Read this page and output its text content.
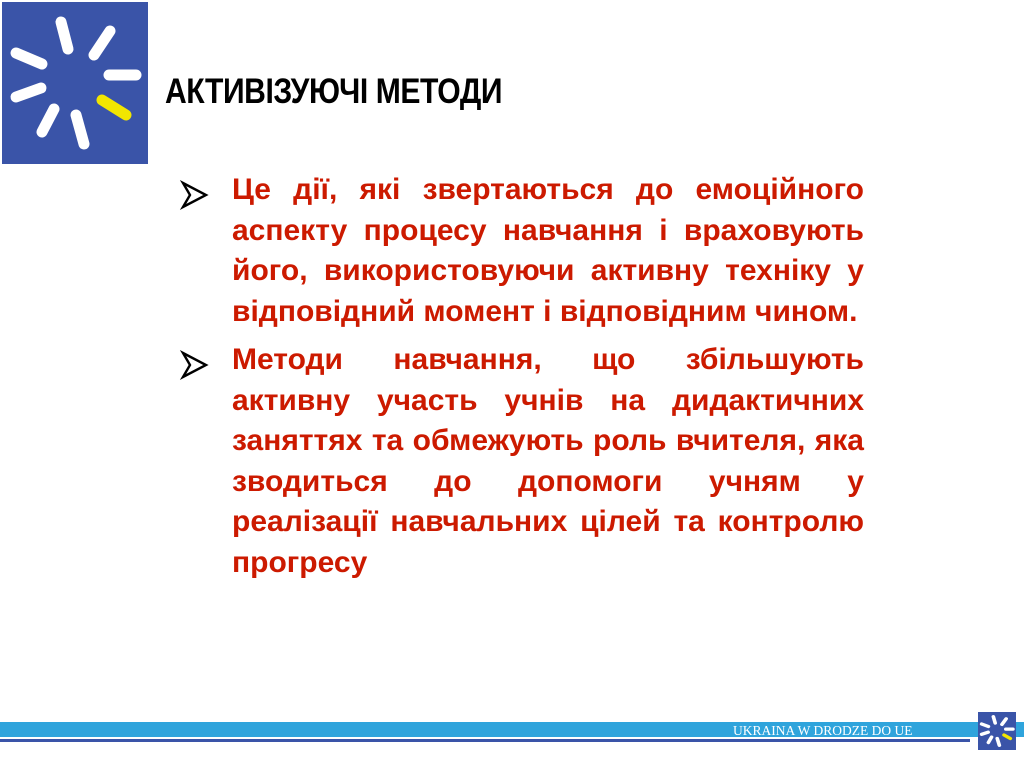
АКТИВІЗУЮЧІ МЕТОДИ
Це дії, які звертаються до емоційного аспекту процесу навчання і враховують його, використовуючи активну техніку у відповідний момент і відповідним чином.
Методи навчання, що збільшують активну участь учнів на дидактичних заняттях та обмежують роль вчителя, яка зводиться до допомоги учням у реалізації навчальних цілей та контролю прогресу
UKRAINA W DRODZE DO UE
